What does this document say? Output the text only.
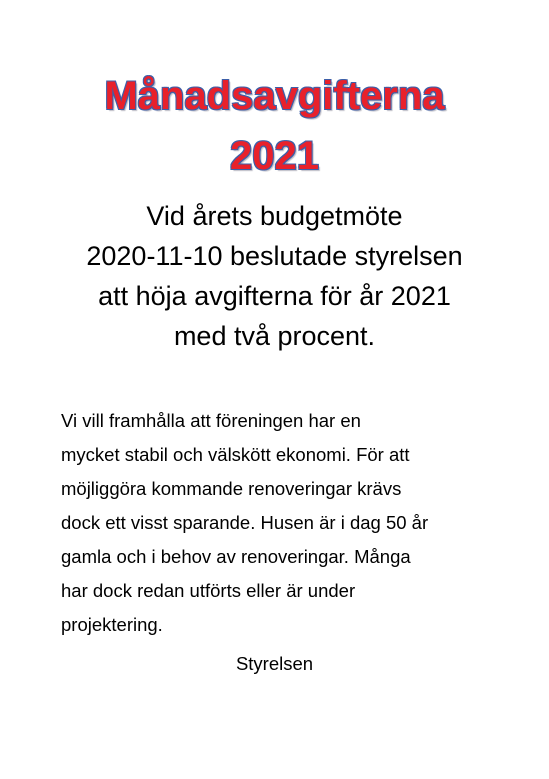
Månadsavgifterna
2021

Vid årets budgetmöte
2020-11-10 beslutade styrelsen
att höja avgifterna för år 2021
med två procent.

Vi vill framhålla att föreningen har en
mycket stabil och välskött ekonomi. För att
möjliggöra kommande renoveringar krävs
dock ett visst sparande. Husen är i dag 50 år
gamla och i behov av renoveringar. Många
har dock redan utförts eller är under
projektering.

Styrelsen
